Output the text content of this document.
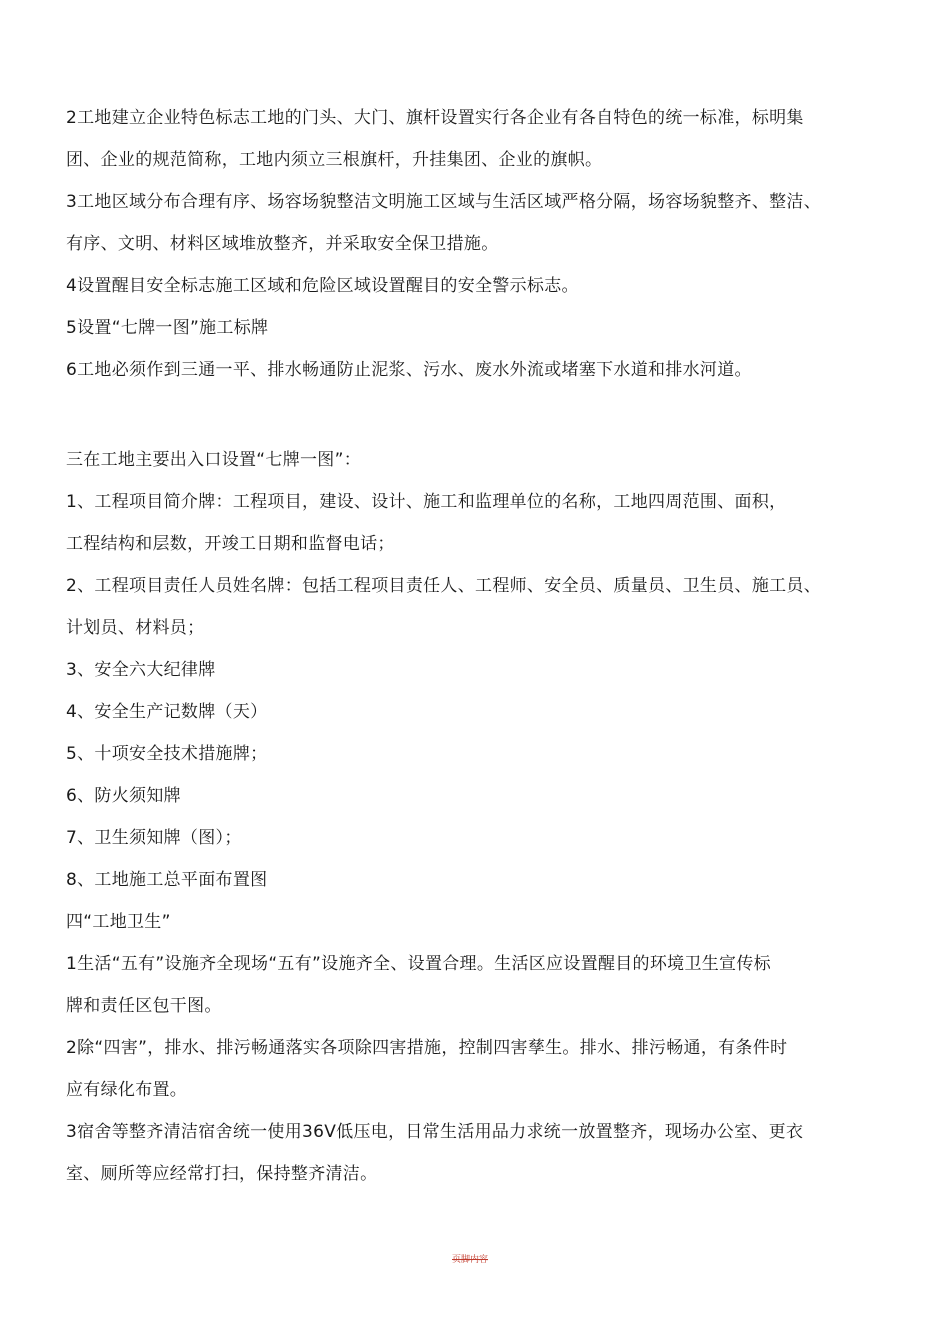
2工地建立企业特色标志工地的门头、大门、旗杆设置实行各企业有各自特色的统一标准，标明集
团、企业的规范简称，工地内须立三根旗杆，升挂集团、企业的旗帜。
3工地区域分布合理有序、场容场貌整洁文明施工区域与生活区域严格分隔，场容场貌整齐、整洁、
有序、文明、材料区域堆放整齐，并采取安全保卫措施。
4设置醒目安全标志施工区域和危险区域设置醒目的安全警示标志。
5设置“七牌一图”施工标牌
6工地必须作到三通一平、排水畅通防止泥浆、污水、废水外流或堵塞下水道和排水河道。
三在工地主要出入口设置“七牌一图”：
1、工程项目简介牌：工程项目，建设、设计、施工和监理单位的名称，工地四周范围、面积，
工程结构和层数，开竣工日期和监督电话；
2、工程项目责任人员姓名牌：包括工程项目责任人、工程师、安全员、质量员、卫生员、施工员、
计划员、材料员；
3、安全六大纪律牌
4、安全生产记数牌（天）
5、十项安全技术措施牌；
6、防火须知牌
7、卫生须知牌（图）；
8、工地施工总平面布置图
四“工地卫生”
1生活“五有”设施齐全现场“五有”设施齐全、设置合理。生活区应设置醒目的环境卫生宣传标
牌和责任区包干图。
2除“四害”，排水、排污畅通落实各项除四害措施，控制四害孳生。排水、排污畅通，有条件时
应有绿化布置。
3宿舍等整齐清洁宿舍统一使用36V低压电，日常生活用品力求统一放置整齐，现场办公室、更衣
室、厕所等应经常打扫，保持整齐清洁。
页脚内容
